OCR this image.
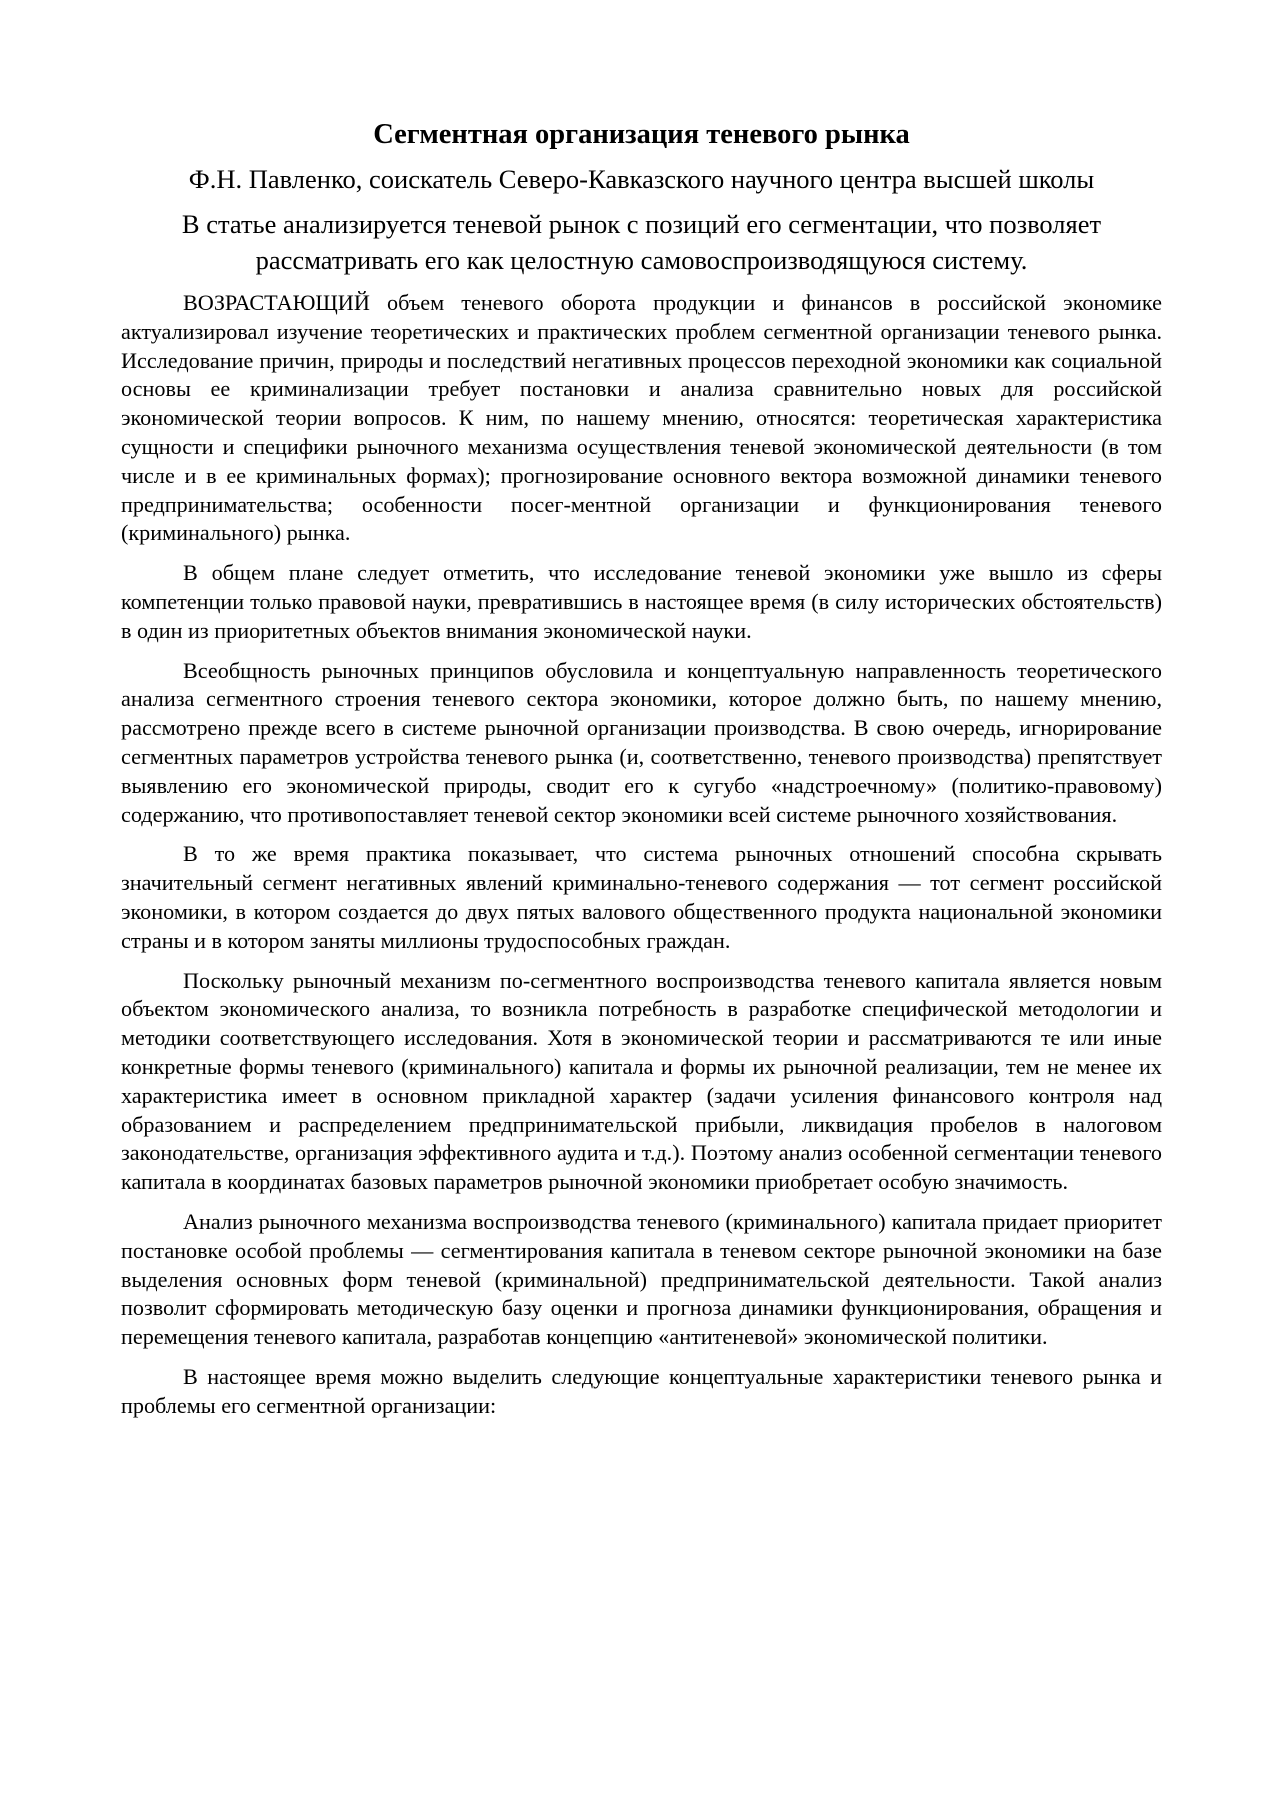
Сегментная организация теневого рынка

Ф.Н. Павленко, соискатель Северо-Кавказского научного центра высшей школы

В статье анализируется теневой рынок с позиций его сегментации, что позволяет рассматривать его как целостную самовоспроизводящуюся систему.

ВОЗРАСТАЮЩИЙ объем теневого оборота продукции и финансов в российской экономике актуализировал изучение теоретических и практических проблем сегментной организации теневого рынка. Исследование причин, природы и последствий негативных процессов переходной экономики как социальной основы ее криминализации требует постановки и анализа сравнительно новых для российской экономической теории вопросов. К ним, по нашему мнению, относятся: теоретическая характеристика сущности и специфики рыночного механизма осуществления теневой экономической деятельности (в том числе и в ее криминальных формах); прогнозирование основного вектора возможной динамики теневого предпринимательства; особенности посег-ментной организации и функционирования теневого (криминального) рынка.

В общем плане следует отметить, что исследование теневой экономики уже вышло из сферы компетенции только правовой науки, превратившись в настоящее время (в силу исторических обстоятельств) в один из приоритетных объектов внимания экономической науки.

Всеобщность рыночных принципов обусловила и концептуальную направленность теоретического анализа сегментного строения теневого сектора экономики, которое должно быть, по нашему мнению, рассмотрено прежде всего в системе рыночной организации производства. В свою очередь, игнорирование сегментных параметров устройства теневого рынка (и, соответственно, теневого производства) препятствует выявлению его экономической природы, сводит его к сугубо «надстроечному» (политико-правовому) содержанию, что противопоставляет теневой сектор экономики всей системе рыночного хозяйствования.

В то же время практика показывает, что система рыночных отношений способна скрывать значительный сегмент негативных явлений криминально-теневого содержания — тот сегмент российской экономики, в котором создается до двух пятых валового общественного продукта национальной экономики страны и в котором заняты миллионы трудоспособных граждан.

Поскольку рыночный механизм по-сегментного воспроизводства теневого капитала является новым объектом экономического анализа, то возникла потребность в разработке специфической методологии и методики соответствующего исследования. Хотя в экономической теории и рассматриваются те или иные конкретные формы теневого (криминального) капитала и формы их рыночной реализации, тем не менее их характеристика имеет в основном прикладной характер (задачи усиления финансового контроля над образованием и распределением предпринимательской прибыли, ликвидация пробелов в налоговом законодательстве, организация эффективного аудита и т.д.). Поэтому анализ особенной сегментации теневого капитала в координатах базовых параметров рыночной экономики приобретает особую значимость.

Анализ рыночного механизма воспроизводства теневого (криминального) капитала придает приоритет постановке особой проблемы — сегментирования капитала в теневом секторе рыночной экономики на базе выделения основных форм теневой (криминальной) предпринимательской деятельности. Такой анализ позволит сформировать методическую базу оценки и прогноза динамики функционирования, обращения и перемещения теневого капитала, разработав концепцию «антитеневой» экономической политики.

В настоящее время можно выделить следующие концептуальные характеристики теневого рынка и проблемы его сегментной организации:
